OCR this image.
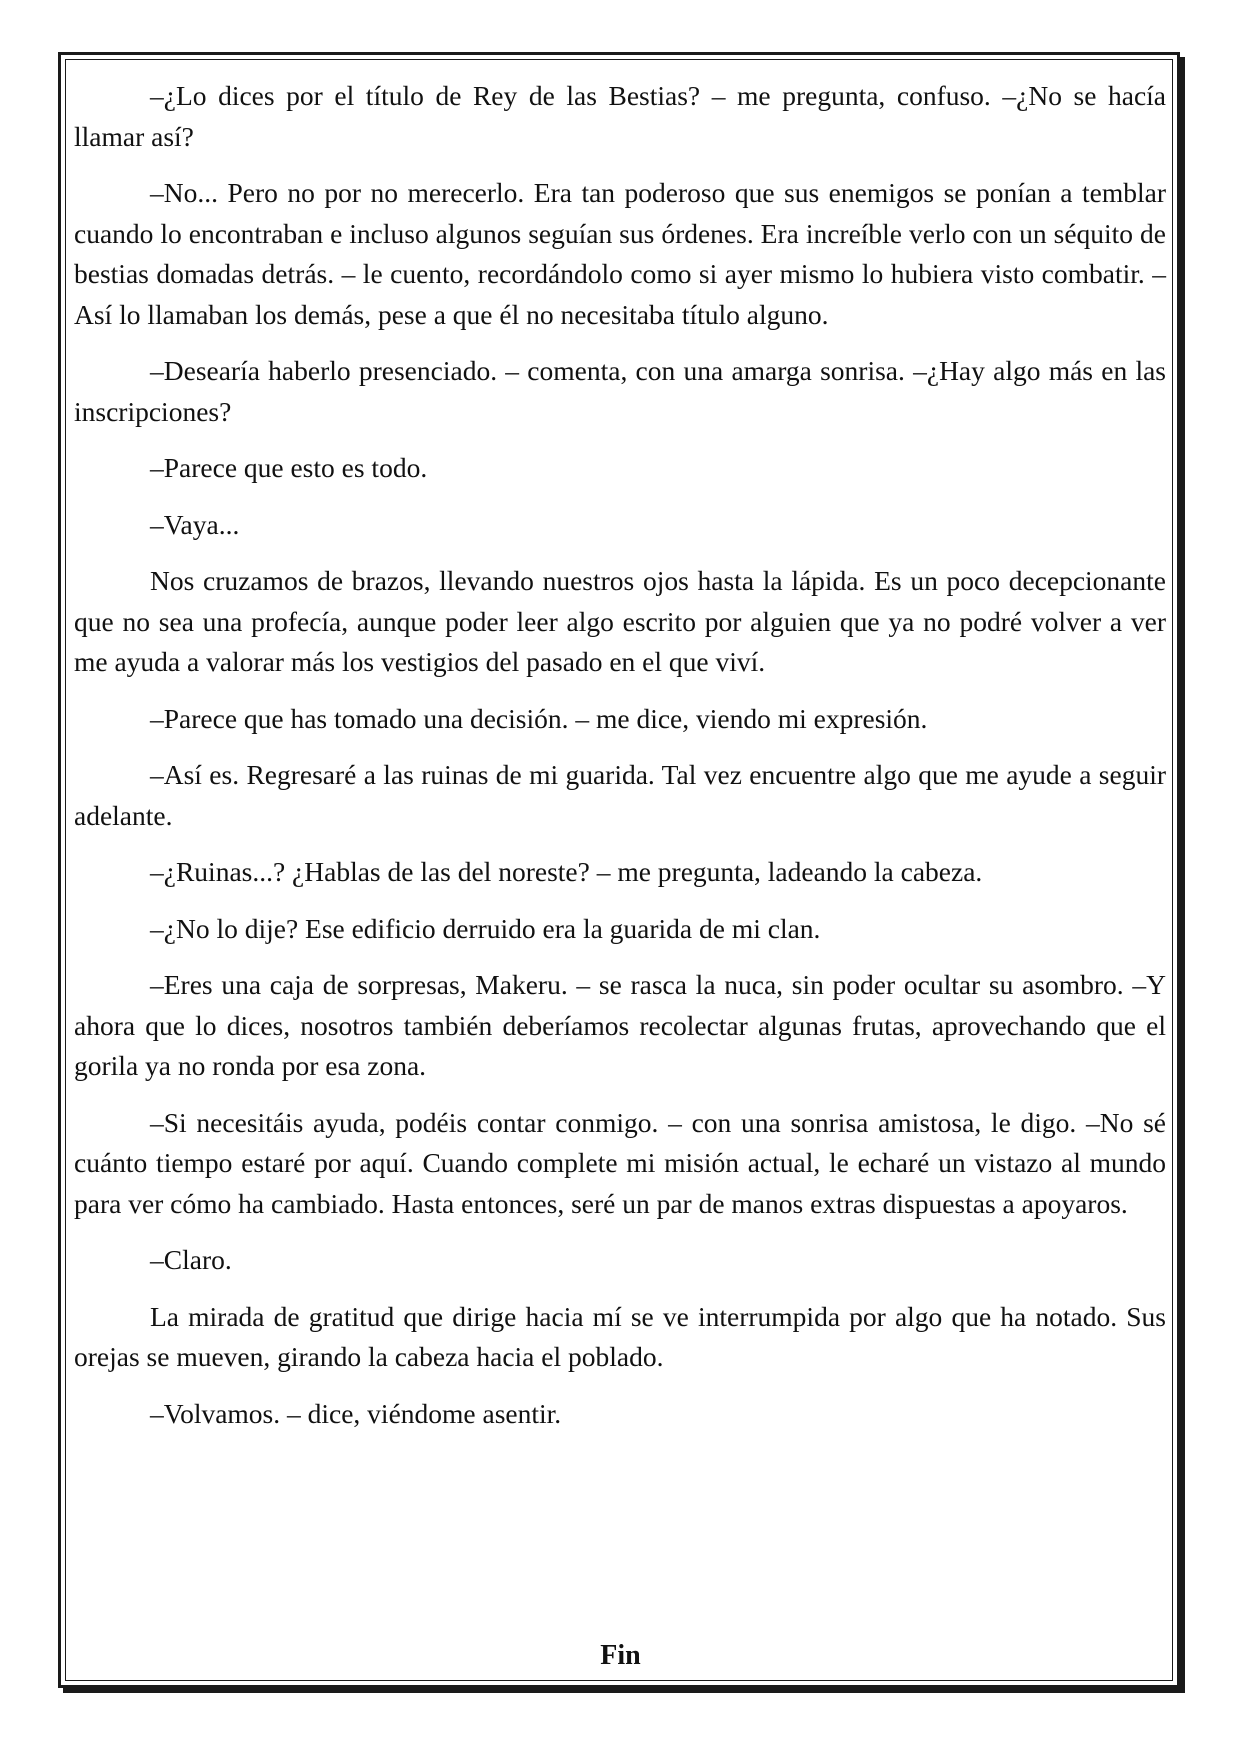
–¿Lo dices por el título de Rey de las Bestias? – me pregunta, confuso. –¿No se hacía llamar así?

–No... Pero no por no merecerlo. Era tan poderoso que sus enemigos se ponían a temblar cuando lo encontraban e incluso algunos seguían sus órdenes. Era increíble verlo con un séquito de bestias domadas detrás. – le cuento, recordándolo como si ayer mismo lo hubiera visto combatir. –Así lo llamaban los demás, pese a que él no necesitaba título alguno.

–Desearía haberlo presenciado. – comenta, con una amarga sonrisa. –¿Hay algo más en las inscripciones?

–Parece que esto es todo.

–Vaya...

Nos cruzamos de brazos, llevando nuestros ojos hasta la lápida. Es un poco decepcionante que no sea una profecía, aunque poder leer algo escrito por alguien que ya no podré volver a ver me ayuda a valorar más los vestigios del pasado en el que viví.

–Parece que has tomado una decisión. – me dice, viendo mi expresión.

–Así es. Regresaré a las ruinas de mi guarida. Tal vez encuentre algo que me ayude a seguir adelante.

–¿Ruinas...? ¿Hablas de las del noreste? – me pregunta, ladeando la cabeza.

–¿No lo dije? Ese edificio derruido era la guarida de mi clan.

–Eres una caja de sorpresas, Makeru. – se rasca la nuca, sin poder ocultar su asombro. –Y ahora que lo dices, nosotros también deberíamos recolectar algunas frutas, aprovechando que el gorila ya no ronda por esa zona.

–Si necesitáis ayuda, podéis contar conmigo. – con una sonrisa amistosa, le digo. –No sé cuánto tiempo estaré por aquí. Cuando complete mi misión actual, le echaré un vistazo al mundo para ver cómo ha cambiado. Hasta entonces, seré un par de manos extras dispuestas a apoyaros.

–Claro.

La mirada de gratitud que dirige hacia mí se ve interrumpida por algo que ha notado. Sus orejas se mueven, girando la cabeza hacia el poblado.

–Volvamos. – dice, viéndome asentir.

Fin
